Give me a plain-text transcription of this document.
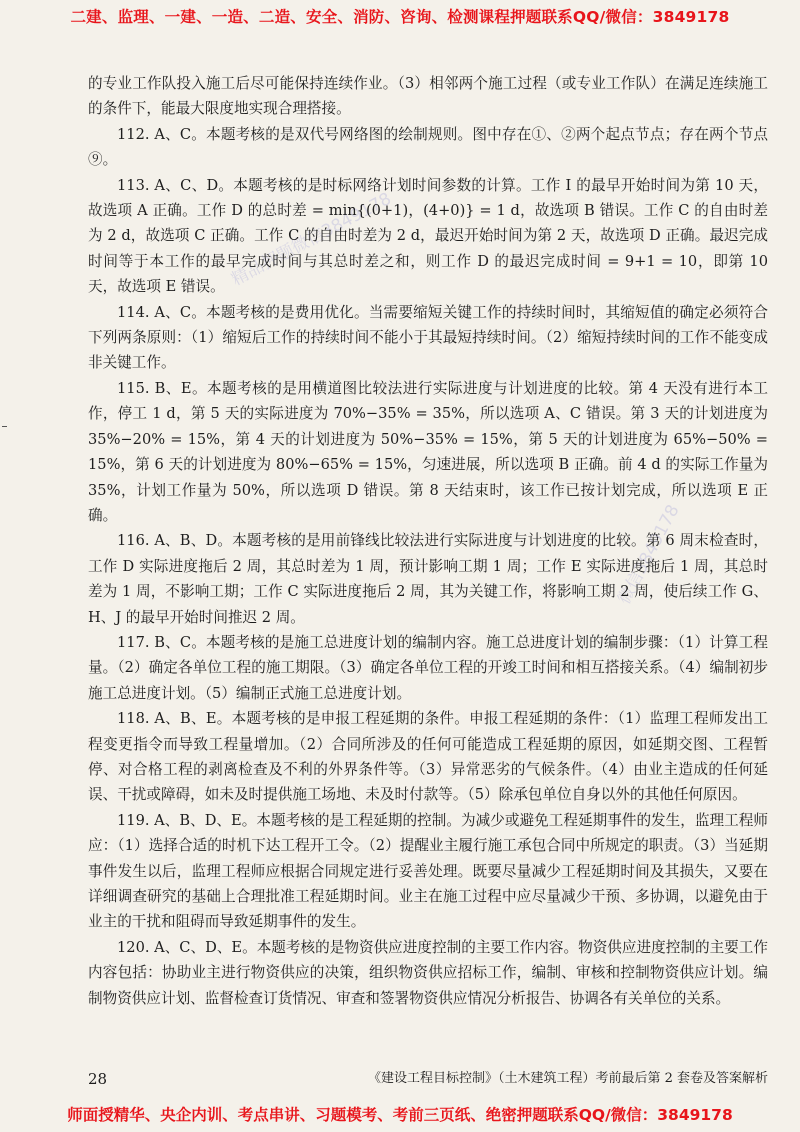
二建、监理、一建、一造、二造、安全、消防、咨询、检测课程押题联系QQ/微信：3849178
精品押题微信3849178
微信3849178

的专业工作队投入施工后尽可能保持连续作业。（3）相邻两个施工过程（或专业工作队）在满足连续施工的条件下，能最大限度地实现合理搭接。

112. A、C。本题考核的是双代号网络图的绘制规则。图中存在①、②两个起点节点；存在两个节点⑨。

113. A、C、D。本题考核的是时标网络计划时间参数的计算。工作 I 的最早开始时间为第 10 天，故选项 A 正确。工作 D 的总时差 = min{(0+1)，(4+0)} = 1 d，故选项 B 错误。工作 C 的自由时差为 2 d，故选项 C 正确。工作 C 的自由时差为 2 d，最迟开始时间为第 2 天，故选项 D 正确。最迟完成时间等于本工作的最早完成时间与其总时差之和，则工作 D 的最迟完成时间 = 9+1 = 10，即第 10 天，故选项 E 错误。

114. A、C。本题考核的是费用优化。当需要缩短关键工作的持续时间时，其缩短值的确定必须符合下列两条原则：（1）缩短后工作的持续时间不能小于其最短持续时间。（2）缩短持续时间的工作不能变成非关键工作。

115. B、E。本题考核的是用横道图比较法进行实际进度与计划进度的比较。第 4 天没有进行本工作，停工 1 d，第 5 天的实际进度为 70%−35% = 35%，所以选项 A、C 错误。第 3 天的计划进度为 35%−20% = 15%，第 4 天的计划进度为 50%−35% = 15%，第 5 天的计划进度为 65%−50% = 15%，第 6 天的计划进度为 80%−65% = 15%，匀速进展，所以选项 B 正确。前 4 d 的实际工作量为 35%，计划工作量为 50%，所以选项 D 错误。第 8 天结束时，该工作已按计划完成，所以选项 E 正确。

116. A、B、D。本题考核的是用前锋线比较法进行实际进度与计划进度的比较。第 6 周末检查时，工作 D 实际进度拖后 2 周，其总时差为 1 周，预计影响工期 1 周；工作 E 实际进度拖后 1 周，其总时差为 1 周，不影响工期；工作 C 实际进度拖后 2 周，其为关键工作，将影响工期 2 周，使后续工作 G、H、J 的最早开始时间推迟 2 周。

117. B、C。本题考核的是施工总进度计划的编制内容。施工总进度计划的编制步骤：（1）计算工程量。（2）确定各单位工程的施工期限。（3）确定各单位工程的开竣工时间和相互搭接关系。（4）编制初步施工总进度计划。（5）编制正式施工总进度计划。

118. A、B、E。本题考核的是申报工程延期的条件。申报工程延期的条件：（1）监理工程师发出工程变更指令而导致工程量增加。（2）合同所涉及的任何可能造成工程延期的原因，如延期交图、工程暂停、对合格工程的剥离检查及不利的外界条件等。（3）异常恶劣的气候条件。（4）由业主造成的任何延误、干扰或障碍，如未及时提供施工场地、未及时付款等。（5）除承包单位自身以外的其他任何原因。

119. A、B、D、E。本题考核的是工程延期的控制。为减少或避免工程延期事件的发生，监理工程师应：（1）选择合适的时机下达工程开工令。（2）提醒业主履行施工承包合同中所规定的职责。（3）当延期事件发生以后，监理工程师应根据合同规定进行妥善处理。既要尽量减少工程延期时间及其损失，又要在详细调查研究的基础上合理批准工程延期时间。业主在施工过程中应尽量减少干预、多协调，以避免由于业主的干扰和阻碍而导致延期事件的发生。

120. A、C、D、E。本题考核的是物资供应进度控制的主要工作内容。物资供应进度控制的主要工作内容包括：协助业主进行物资供应的决策，组织物资供应招标工作，编制、审核和控制物资供应计划。编制物资供应计划、监督检查订货情况、审查和签署物资供应情况分析报告、协调各有关单位的关系。

28	《建设工程目标控制》（土木建筑工程）考前最后第 2 套卷及答案解析
师面授精华、央企内训、考点串讲、习题模考、考前三页纸、绝密押题联系QQ/微信：3849178
